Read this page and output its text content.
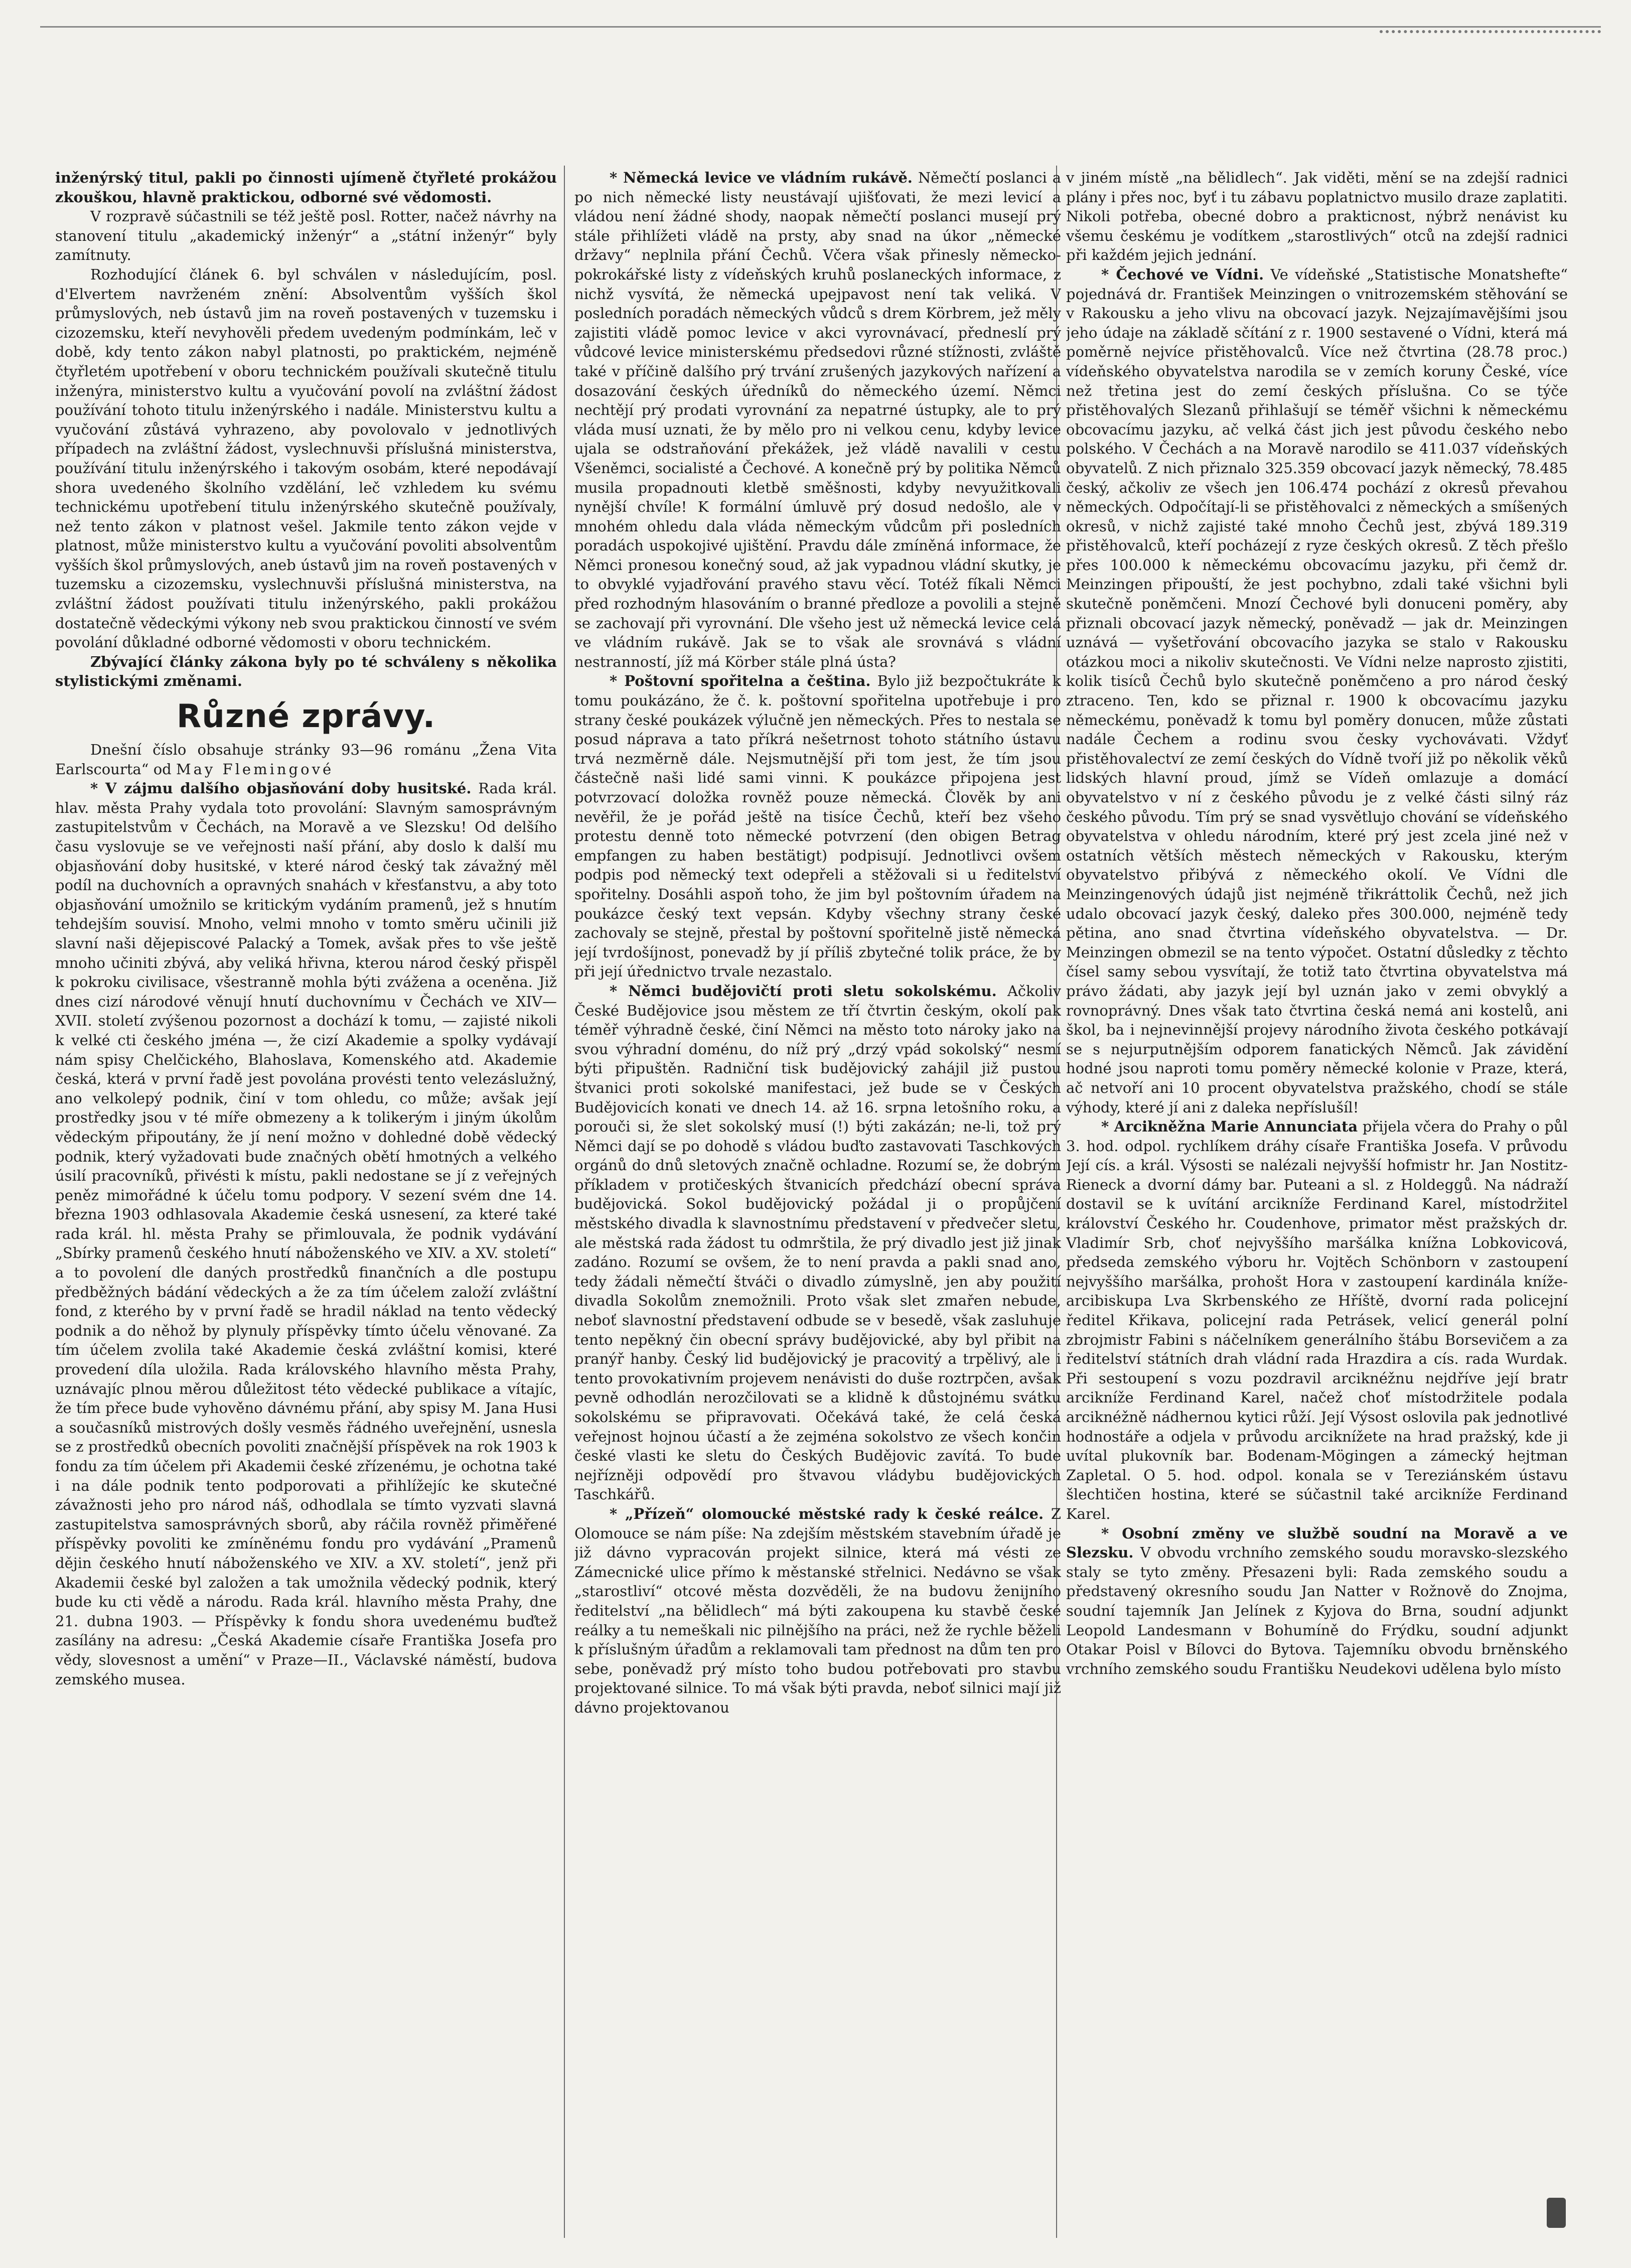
inženýrský titul, pakli po činnosti ujímeně čtyřleté prokážou zkouškou, hlavně praktickou, odborné své vědomosti.

V rozpravě súčastnili se též ještě posl. Rotter, načež návrhy na stanovení titulu „akademický inženýr“ a „státní inženýr“ byly zamítnuty.

Rozhodující článek 6. byl schválen v následujícím, posl. d'Elvertem navrženém znění: Absolventům vyšších škol průmyslových, neb ústavů jim na roveň postavených v tuzemsku i cizozemsku, kteří nevyhověli předem uvedeným podmínkám, leč v době, kdy tento zákon nabyl platnosti, po praktickém, nejméně čtyřletém upotřebení v oboru technickém používali skutečně titulu inženýra, ministerstvo kultu a vyučování povolí na zvláštní žádost používání tohoto titulu inženýrského i nadále. Ministerstvu kultu a vyučování zůstává vyhrazeno, aby povolovalo v jednotlivých případech na zvláštní žádost, vyslechnuvši příslušná ministerstva, používání titulu inženýrského i takovým osobám, které nepodávají shora uvedeného školního vzdělání, leč vzhledem ku svému technickému upotřebení titulu inženýrského skutečně používaly, než tento zákon v platnost vešel. Jakmile tento zákon vejde v platnost, může ministerstvo kultu a vyučování povoliti absolventům vyšších škol průmyslových, aneb ústavů jim na roveň postavených v tuzemsku a cizozemsku, vyslechnuvši příslušná ministerstva, na zvláštní žádost používati titulu inženýrského, pakli prokážou dostatečně vědeckými výkony neb svou praktickou činností ve svém povolání důkladné odborné vědomosti v oboru technickém.

Zbývající články zákona byly po té schváleny s několika stylistickými změnami.

Různé zprávy.

Dnešní číslo obsahuje stránky 93—96 románu „Žena Vita Earlscourta“ od May Flemingové

* V zájmu dalšího objasňování doby husitské. Rada král. hlav. města Prahy vydala toto provolání: Slavným samosprávným zastupitelstvům v Čechách, na Moravě a ve Slezsku! Od delšího času vyslovuje se ve veřejnosti naší přání, aby doslo k další mu objasňování doby husitské, v které národ český tak závažný měl podíl na duchovních a opravných snahách v křesťanstvu, a aby toto objasňování umožnilo se kritickým vydáním pramenů, jež s hnutím tehdejším souvisí. Mnoho, velmi mnoho v tomto směru učinili již slavní naši dějepiscové Palacký a Tomek, avšak přes to vše ještě mnoho učiniti zbývá, aby veliká hřivna, kterou národ český přispěl k pokroku civilisace, všestranně mohla býti zvážena a oceněna. Již dnes cizí národové věnují hnutí duchovnímu v Čechách ve XIV—XVII. století zvýšenou pozornost a dochází k tomu, — zajisté nikoli k velké cti českého jména —, že cizí Akademie a spolky vydávají nám spisy Chelčického, Blahoslava, Komenského atd. Akademie česká, která v první řadě jest povolána provésti tento velezáslužný, ano velkolepý podnik, činí v tom ohledu, co může; avšak její prostředky jsou v té míře obmezeny a k tolikerým i jiným úkolům vědeckým připoutány, že jí není možno v dohledné době vědecký podnik, který vyžadovati bude značných obětí hmotných a velkého úsilí pracovníků, přivésti k místu, pakli nedostane se jí z veřejných peněz mimořádné k účelu tomu podpory. V sezení svém dne 14. března 1903 odhlasovala Akademie česká usnesení, za které také rada král. hl. města Prahy se přimlouvala, že podnik vydávání „Sbírky pramenů českého hnutí náboženského ve XIV. a XV. století“ a to povolení dle daných prostředků finančních a dle postupu předběžných bádání vědeckých a že za tím účelem založí zvláštní fond, z kterého by v první řadě se hradil náklad na tento vědecký podnik a do něhož by plynuly příspěvky tímto účelu věnované. Za tím účelem zvolila také Akademie česká zvláštní komisi, které provedení díla uložila. Rada královského hlavního města Prahy, uznávajíc plnou měrou důležitost této vědecké publikace a vítajíc, že tím přece bude vyhověno dávnému přání, aby spisy M. Jana Husi a současníků mistrových došly vesměs řádného uveřejnění, usnesla se z prostředků obecních povoliti značnější příspěvek na rok 1903 k fondu za tím účelem při Akademii české zřízenému, je ochotna také i na dále podnik tento podporovati a přihlížejíc ke skutečné závažnosti jeho pro národ náš, odhodlala se tímto vyzvati slavná zastupitelstva samosprávných sborů, aby ráčila rovněž přiměřené příspěvky povoliti ke zmíněnému fondu pro vydávání „Pramenů dějin českého hnutí náboženského ve XIV. a XV. století“, jenž při Akademii české byl založen a tak umožnila vědecký podnik, který bude ku cti vědě a národu. Rada král. hlavního města Prahy, dne 21. dubna 1903. — Příspěvky k fondu shora uvedenému buďtež zasílány na adresu: „Česká Akademie císaře Františka Josefa pro vědy, slovesnost a umění“ v Praze—II., Václavské náměstí, budova zemského musea.

* Německá levice ve vládním rukávě. Němečtí poslanci a po nich německé listy neustávají ujišťovati, že mezi levicí a vládou není žádné shody, naopak němečtí poslanci musejí prý stále přihlížeti vládě na prsty, aby snad na úkor „německé državy“ neplnila přání Čechů. Včera však přinesly německo-pokrokářské listy z vídeňských kruhů poslaneckých informace, z nichž vysvítá, že německá upejpavost není tak veliká. V posledních poradách německých vůdců s drem Körbrem, jež měly zajistiti vládě pomoc levice v akci vyrovnávací, předneslí prý vůdcové levice ministerskému předsedovi různé stížnosti, zvláště také v příčině dalšího prý trvání zrušených jazykových nařízení a dosazování českých úředníků do německého území. Němci nechtějí prý prodati vyrovnání za nepatrné ústupky, ale to prý vláda musí uznati, že by mělo pro ni velkou cenu, kdyby levice ujala se odstraňování překážek, jež vládě navalili v cestu Všeněmci, socialisté a Čechové. A konečně prý by politika Němců musila propadnouti kletbě směšnosti, kdyby nevyužitkovali nynější chvíle! K formální úmluvě prý dosud nedošlo, ale v mnohém ohledu dala vláda německým vůdcům při posledních poradách uspokojivé ujištění. Pravdu dále zmíněná informace, že Němci pronesou konečný soud, až jak vypadnou vládní skutky, je to obvyklé vyjadřování pravého stavu věcí. Totéž fíkali Němci před rozhodným hlasováním o branné předloze a povolili a stejně se zachovají při vyrovnání. Dle všeho jest už německá levice celá ve vládním rukávě. Jak se to však ale srovnává s vládní nestranností, jíž má Körber stále plná ústa?

* Poštovní spořitelna a čeština. Bylo již bezpočtukráte k tomu poukázáno, že č. k. poštovní spořitelna upotřebuje i pro strany české poukázek výlučně jen německých. Přes to nestala se posud náprava a tato příkrá nešetrnost tohoto státního ústavu trvá nezměrně dále. Nejsmutnější při tom jest, že tím jsou částečně naši lidé sami vinni. K poukázce připojena jest potvrzovací doložka rovněž pouze německá. Člověk by ani nevěřil, že je pořád ještě na tisíce Čechů, kteří bez všeho protestu denně toto německé potvrzení (den obigen Betrag empfangen zu haben bestätigt) podpisují. Jednotlivci ovšem podpis pod německý text odepřeli a stěžovali si u ředitelství spořitelny. Dosáhli aspoň toho, že jim byl poštovním úřadem na poukázce český text vepsán. Kdyby všechny strany české zachovaly se stejně, přestal by poštovní spořitelně jistě německá její tvrdošíjnost, ponevadž by jí příliš zbytečné tolik práce, že by při její úřednictvo trvale nezastalo.

* Němci budějovičtí proti sletu sokolskému. Ačkoliv České Budějovice jsou městem ze tří čtvrtin českým, okolí pak téměř výhradně české, činí Němci na město toto nároky jako na svou výhradní doménu, do níž prý „drzý vpád sokolský“ nesmí býti připuštěn. Radniční tisk budějovický zahájil již pustou štvanici proti sokolské manifestaci, jež bude se v Českých Budějovicích konati ve dnech 14. až 16. srpna letošního roku, a porouči si, že slet sokolský musí (!) býti zakázán; ne-li, tož prý Němci dají se po dohodě s vládou buďto zastavovati Taschkových orgánů do dnů sletových značně ochladne. Rozumí se, že dobrým příkladem v protičeských štvanicích předchází obecní správa budějovická. Sokol budějovický požádal ji o propůjčení městského divadla k slavnostnímu představení v předvečer sletu, ale městská rada žádost tu odmrštila, že prý divadlo jest již jinak zadáno. Rozumí se ovšem, že to není pravda a pakli snad ano, tedy žádali němečtí štváči o divadlo zúmyslně, jen aby použití divadla Sokolům znemožnili. Proto však slet zmařen nebude, neboť slavnostní představení odbude se v besedě, však zasluhuje tento nepěkný čin obecní správy budějovické, aby byl přibit na pranýř hanby. Český lid budějovický je pracovitý a trpělivý, ale i tento provokativním projevem nenávisti do duše roztrpčen, avšak pevně odhodlán nerozčilovati se a klidně k důstojnému svátku sokolskému se připravovati. Očekává také, že celá česká veřejnost hojnou účastí a že zejména sokolstvo ze všech končin české vlasti ke sletu do Českých Budějovic zavítá. To bude nejřízněji odpovědí pro štvavou vládybu budějovických Taschkářů.

* „Přízeň“ olomoucké městské rady k české reálce. Z Olomouce se nám píše: Na zdejším městském stavebním úřadě je již dávno vypracován projekt silnice, která má vésti ze Zámecnické ulice přímo k městanské střelnici. Nedávno se však „starostliví“ otcové města dozvěděli, že na budovu ženijního ředitelství „na bělidlech“ má býti zakoupena ku stavbě české reálky a tu nemeškali nic pilnějšího na práci, než že rychle běželi k příslušným úřadům a reklamovali tam přednost na dům ten pro sebe, poněvadž prý místo toho budou potřebovati pro stavbu projektované silnice. To má však býti pravda, neboť silnici mají již dávno projektovanou

v jiném místě „na bělidlech“. Jak viděti, mění se na zdejší radnici plány i přes noc, byť i tu zábavu poplatnictvo musilo draze zaplatiti. Nikoli potřeba, obecné dobro a prakticnost, nýbrž nenávist ku všemu českému je vodítkem „starostlivých“ otců na zdejší radnici při každém jejich jednání.

* Čechové ve Vídni. Ve vídeňské „Statistische Monatshefte“ pojednává dr. František Meinzingen o vnitrozemském stěhování se v Rakousku a jeho vlivu na obcovací jazyk. Nejzajímavějšími jsou jeho údaje na základě sčítání z r. 1900 sestavené o Vídni, která má poměrně nejvíce přistěhovalců. Více než čtvrtina (28.78 proc.) vídeňského obyvatelstva narodila se v zemích koruny České, více než třetina jest do zemí českých příslušna. Co se týče přistěhovalých Slezanů přihlašují se téměř všichni k německému obcovacímu jazyku, ač velká část jich jest původu českého nebo polského. V Čechách a na Moravě narodilo se 411.037 vídeňských obyvatelů. Z nich přiznalo 325.359 obcovací jazyk německý, 78.485 český, ačkoliv ze všech jen 106.474 pochází z okresů převahou německých. Odpočítají-li se přistěhovalci z německých a smíšených okresů, v nichž zajisté také mnoho Čechů jest, zbývá 189.319 přistěhovalců, kteří pocházejí z ryze českých okresů. Z těch přešlo přes 100.000 k německému obcovacímu jazyku, při čemž dr. Meinzingen připouští, že jest pochybno, zdali také všichni byli skutečně poněmčeni. Mnozí Čechové byli donuceni poměry, aby přiznali obcovací jazyk německý, poněvadž — jak dr. Meinzingen uznává — vyšetřování obcovacího jazyka se stalo v Rakousku otázkou moci a nikoliv skutečnosti. Ve Vídni nelze naprosto zjistiti, kolik tisíců Čechů bylo skutečně poněmčeno a pro národ český ztraceno. Ten, kdo se přiznal r. 1900 k obcovacímu jazyku německému, poněvadž k tomu byl poměry donucen, může zůstati nadále Čechem a rodinu svou česky vychovávati. Vždyť přistěhovalectví ze zemí českých do Vídně tvoří již po několik věků lidských hlavní proud, jímž se Vídeň omlazuje a domácí obyvatelstvo v ní z českého původu je z velké části silný ráz českého původu. Tím prý se snad vysvětlujo chování se vídeňského obyvatelstva v ohledu národním, které prý jest zcela jiné než v ostatních větších městech německých v Rakousku, kterým obyvatelstvo přibývá z německého okolí. Ve Vídni dle Meinzingenových údajů jist nejméně třikráttolik Čechů, než jich udalo obcovací jazyk český, daleko přes 300.000, nejméně tedy pětina, ano snad čtvrtina vídeňského obyvatelstva. — Dr. Meinzingen obmezil se na tento výpočet. Ostatní důsledky z těchto čísel samy sebou vysvítají, že totiž tato čtvrtina obyvatelstva má právo žádati, aby jazyk její byl uznán jako v zemi obvyklý a rovnoprávný. Dnes však tato čtvrtina česká nemá ani kostelů, ani škol, ba i nejnevinnější projevy národního života českého potkávají se s nejurputnějším odporem fanatických Němců. Jak závidění hodné jsou naproti tomu poměry německé kolonie v Praze, která, ač netvoří ani 10 procent obyvatelstva pražského, chodí se stále výhody, které jí ani z daleka nepříslušíl!

* Arcikněžna Marie Annunciata přijela včera do Prahy o půl 3. hod. odpol. rychlíkem dráhy císaře Františka Josefa. V průvodu Její cís. a král. Výsosti se nalézali nejvyšší hofmistr hr. Jan Nostitz-Rieneck a dvorní dámy bar. Puteani a sl. z Holdeggů. Na nádraží dostavil se k uvítání arcikníže Ferdinand Karel, místodržitel království Českého hr. Coudenhove, primator měst pražských dr. Vladimír Srb, choť nejvyššího maršálka knížna Lobkovicová, předseda zemského výboru hr. Vojtěch Schönborn v zastoupení nejvyššího maršálka, prohošt Hora v zastoupení kardinála kníže-arcibiskupa Lva Skrbenského ze Hříště, dvorní rada policejní ředitel Křikava, policejní rada Petrásek, velicí generál polní zbrojmistr Fabini s náčelníkem generálního štábu Borsevičem a za ředitelství státních drah vládní rada Hrazdira a cís. rada Wurdak. Při sestoupení s vozu pozdravil arciknéžnu nejdříve její bratr arcikníže Ferdinand Karel, načež choť místodržitele podala arciknéžně nádhernou kytici růží. Její Výsost oslovila pak jednotlivé hodnostáře a odjela v průvodu arciknížete na hrad pražský, kde ji uvítal plukovník bar. Bodenam-Mögingen a zámecký hejtman Zapletal. O 5. hod. odpol. konala se v Tereziánském ústavu šlechtičen hostina, které se súčastnil také arcikníže Ferdinand Karel.

* Osobní změny ve službě soudní na Moravě a ve Slezsku. V obvodu vrchního zemského soudu moravsko-slezského staly se tyto změny. Přesazeni byli: Rada zemského soudu a představený okresního soudu Jan Natter v Rožnově do Znojma, soudní tajemník Jan Jelínek z Kyjova do Brna, soudní adjunkt Leopold Landesmann v Bohumíně do Frýdku, soudní adjunkt Otakar Poisl v Bílovci do Bytova. Tajemníku obvodu brněnského vrchního zemského soudu Františku Neudekovi udělena bylo místo
